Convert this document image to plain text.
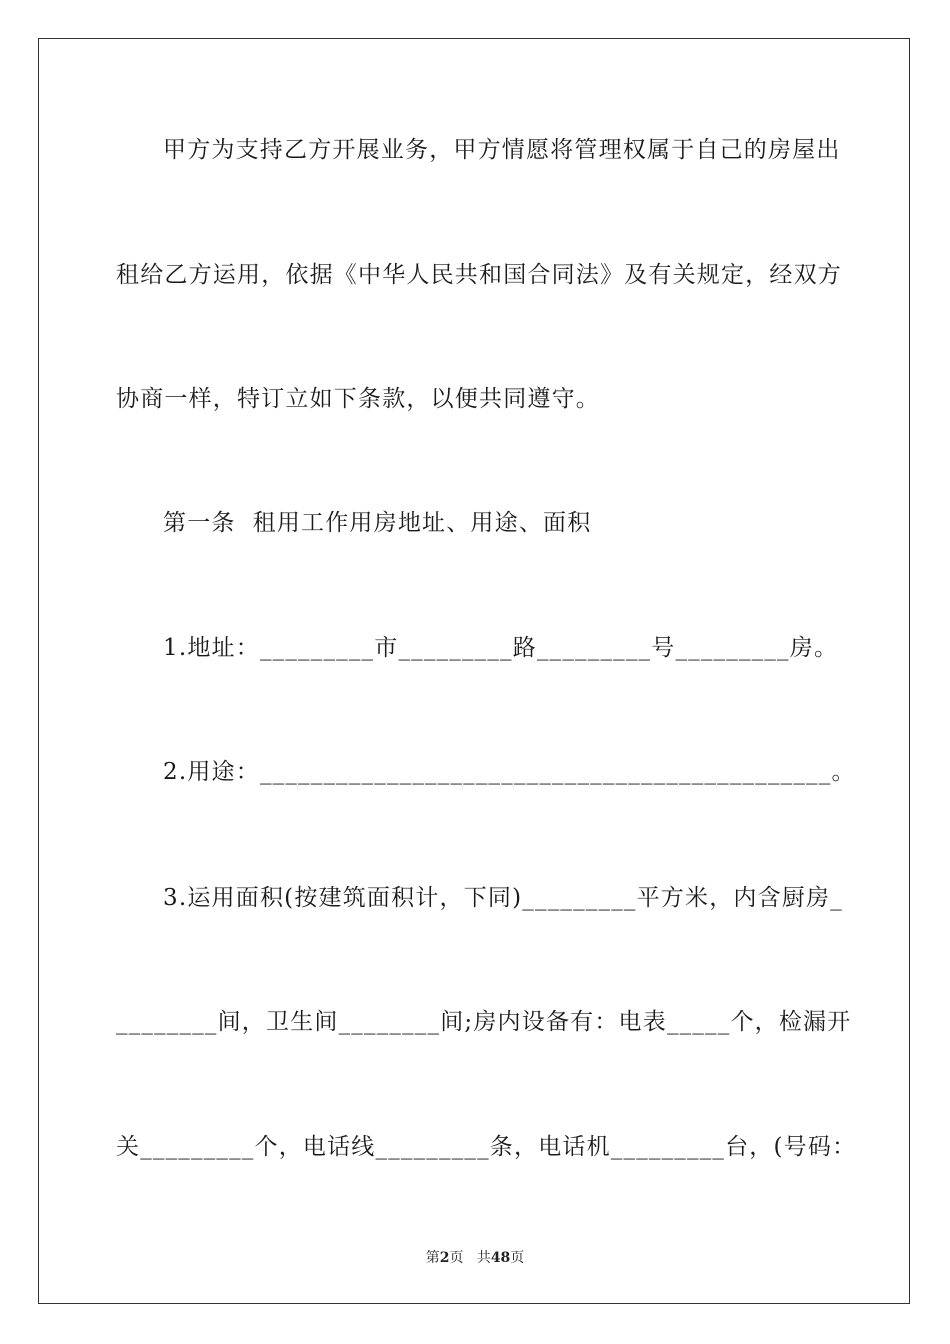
甲方为支持乙方开展业务，甲方情愿将管理权属于自己的房屋出
租给乙方运用，依据《中华人民共和国合同法》及有关规定，经双方
协商一样，特订立如下条款，以便共同遵守。
第一条  租用工作用房地址、用途、面积
1.地址：_________市_________路_________号_________房。
2.用途：_____________________________________________。
3.运用面积(按建筑面积计，下同)_________平方米，内含厨房_
________间，卫生间________间;房内设备有：电表_____个，检漏开
关_________个，电话线_________条，电话机_________台，(号码：
第2页 共48页
